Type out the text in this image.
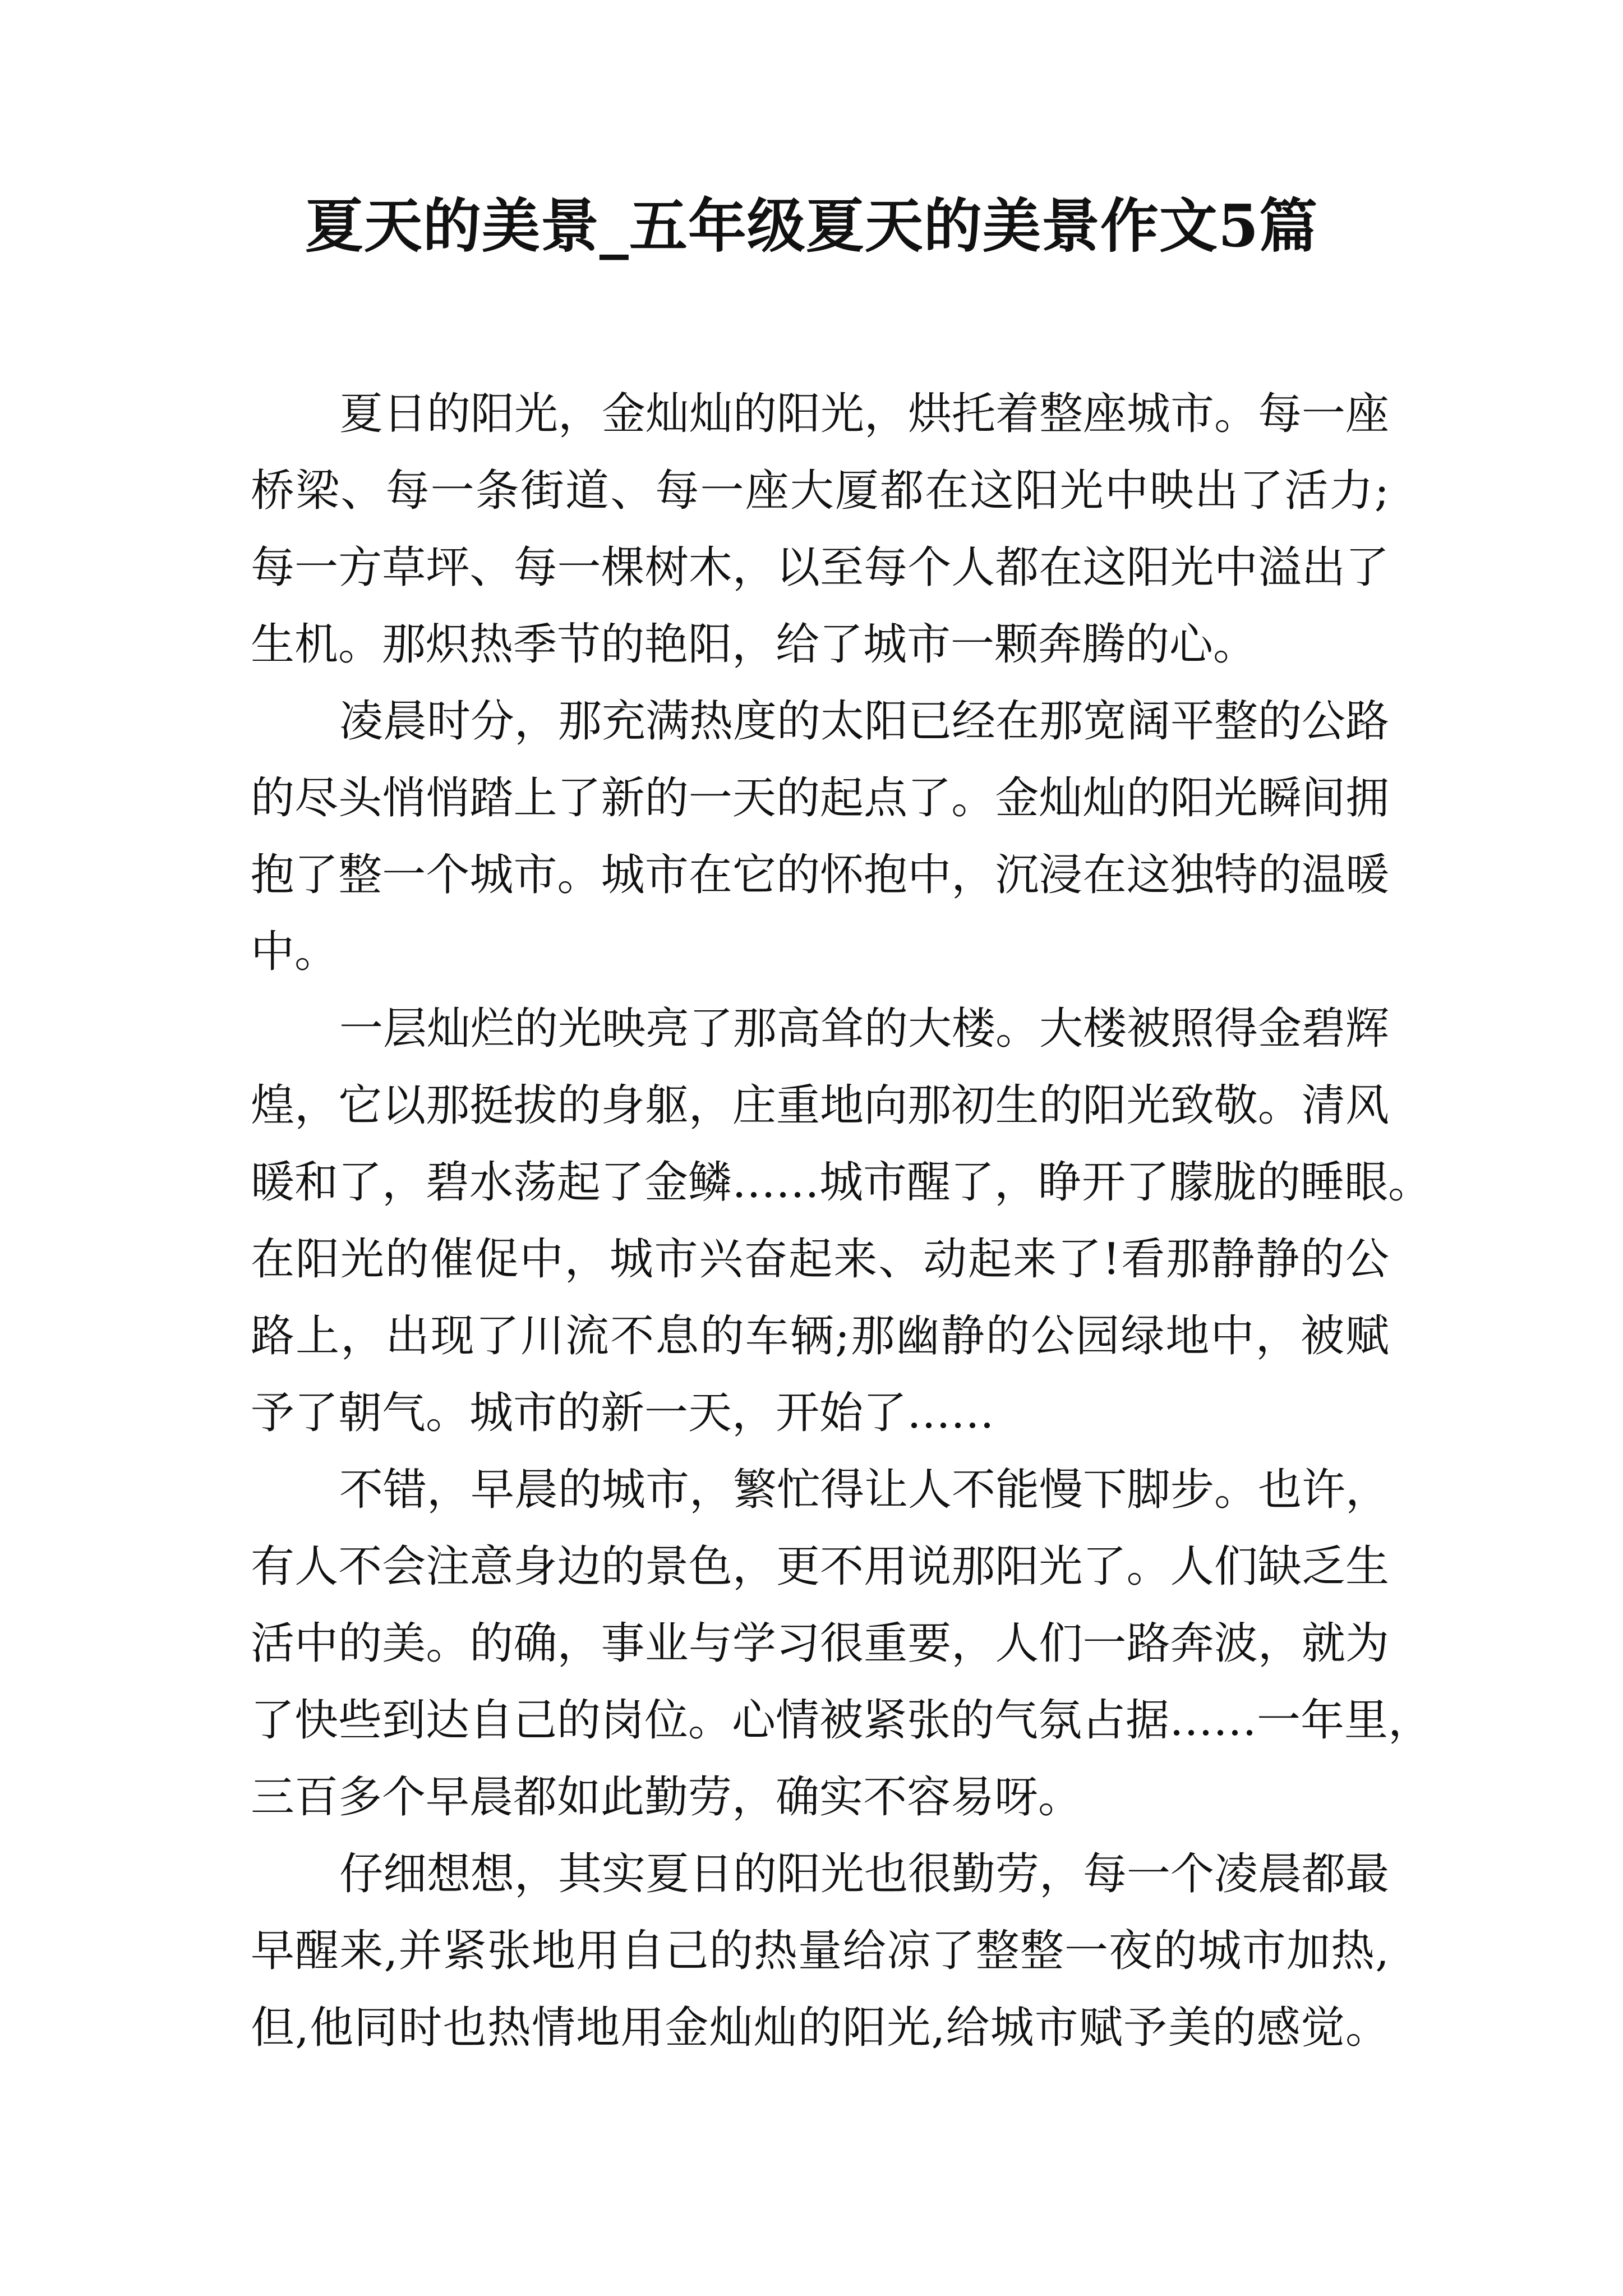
夏天的美景_五年级夏天的美景作文5篇
夏日的阳光，金灿灿的阳光，烘托着整座城市。每一座
桥梁、每一条街道、每一座大厦都在这阳光中映出了活力;
每一方草坪、每一棵树木，以至每个人都在这阳光中溢出了
生机。那炽热季节的艳阳，给了城市一颗奔腾的心。
凌晨时分，那充满热度的太阳已经在那宽阔平整的公路
的尽头悄悄踏上了新的一天的起点了。金灿灿的阳光瞬间拥
抱了整一个城市。城市在它的怀抱中，沉浸在这独特的温暖
中。
一层灿烂的光映亮了那高耸的大楼。大楼被照得金碧辉
煌，它以那挺拔的身躯，庄重地向那初生的阳光致敬。清风
暖和了，碧水荡起了金鳞……城市醒了，睁开了朦胧的睡眼。
在阳光的催促中，城市兴奋起来、动起来了!看那静静的公
路上，出现了川流不息的车辆;那幽静的公园绿地中，被赋
予了朝气。城市的新一天，开始了……
不错，早晨的城市，繁忙得让人不能慢下脚步。也许，
有人不会注意身边的景色，更不用说那阳光了。人们缺乏生
活中的美。的确，事业与学习很重要，人们一路奔波，就为
了快些到达自己的岗位。心情被紧张的气氛占据……一年里，
三百多个早晨都如此勤劳，确实不容易呀。
仔细想想，其实夏日的阳光也很勤劳，每一个凌晨都最
早醒来,并紧张地用自己的热量给凉了整整一夜的城市加热,
但,他同时也热情地用金灿灿的阳光,给城市赋予美的感觉。
